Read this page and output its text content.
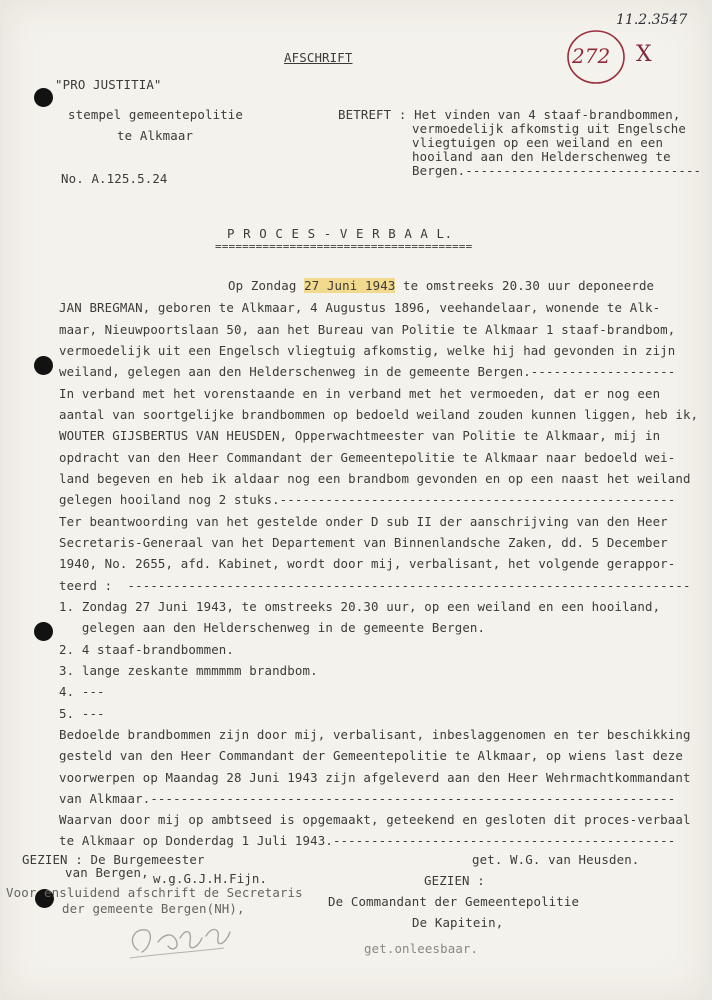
11.2.3547
272 X
AFSCHRIFT
"PRO JUSTITIA"
stempel gemeentepolitie
te Alkmaar
No. A.125.5.24
BETREFT : Het vinden van 4 staaf-brandbommen,
vermoedelijk afkomstig uit Engelsche
vliegtuigen op een weiland en een
hooiland aan den Helderschenweg te
Bergen.-------------------------------
P R O C E S - V E R B A A L.
======================================
Op Zondag 27 Juni 1943 te omstreeks 20.30 uur deponeerde
JAN BREGMAN, geboren te Alkmaar, 4 Augustus 1896, veehandelaar, wonende te Alk-
maar, Nieuwpoortslaan 50, aan het Bureau van Politie te Alkmaar 1 staaf-brandbom,
vermoedelijk uit een Engelsch vliegtuig afkomstig, welke hij had gevonden in zijn
weiland, gelegen aan den Helderschenweg in de gemeente Bergen.-------------------
In verband met het vorenstaande en in verband met het vermoeden, dat er nog een
aantal van soortgelijke brandbommen op bedoeld weiland zouden kunnen liggen, heb ik,
WOUTER GIJSBERTUS VAN HEUSDEN, Opperwachtmeester van Politie te Alkmaar, mij in
opdracht van den Heer Commandant der Gemeentepolitie te Alkmaar naar bedoeld wei-
land begeven en heb ik aldaar nog een brandbom gevonden en op een naast het weiland
gelegen hooiland nog 2 stuks.----------------------------------------------------
Ter beantwoording van het gestelde onder D sub II der aanschrijving van den Heer
Secretaris-Generaal van het Departement van Binnenlandsche Zaken, dd. 5 December
1940, No. 2655, afd. Kabinet, wordt door mij, verbalisant, het volgende gerappor-
teerd :  --------------------------------------------------------------------------
1. Zondag 27 Juni 1943, te omstreeks 20.30 uur, op een weiland en een hooiland,
gelegen aan den Helderschenweg in de gemeente Bergen.
2. 4 staaf-brandbommen.
3. lange zeskante mmmmmm brandbom.
4. ---
5. ---
Bedoelde brandbommen zijn door mij, verbalisant, inbeslaggenomen en ter beschikking
gesteld van den Heer Commandant der Gemeentepolitie te Alkmaar, op wiens last deze
voorwerpen op Maandag 28 Juni 1943 zijn afgeleverd aan den Heer Wehrmachtkommandant
van Alkmaar.---------------------------------------------------------------------
Waarvan door mij op ambtseed is opgemaakt, geteekend en gesloten dit proces-verbaal
te Alkmaar op Donderdag 1 Juli 1943.---------------------------------------------
GEZIEN : De Burgemeester
van Bergen, w.g.G.J.H.Fijn.
Voor ensluidend afschrift de Secretaris
der gemeente Bergen(NH),
get. W.G. van Heusden.
GEZIEN :
De Commandant der Gemeentepolitie
De Kapitein,
get.onleesbaar.
